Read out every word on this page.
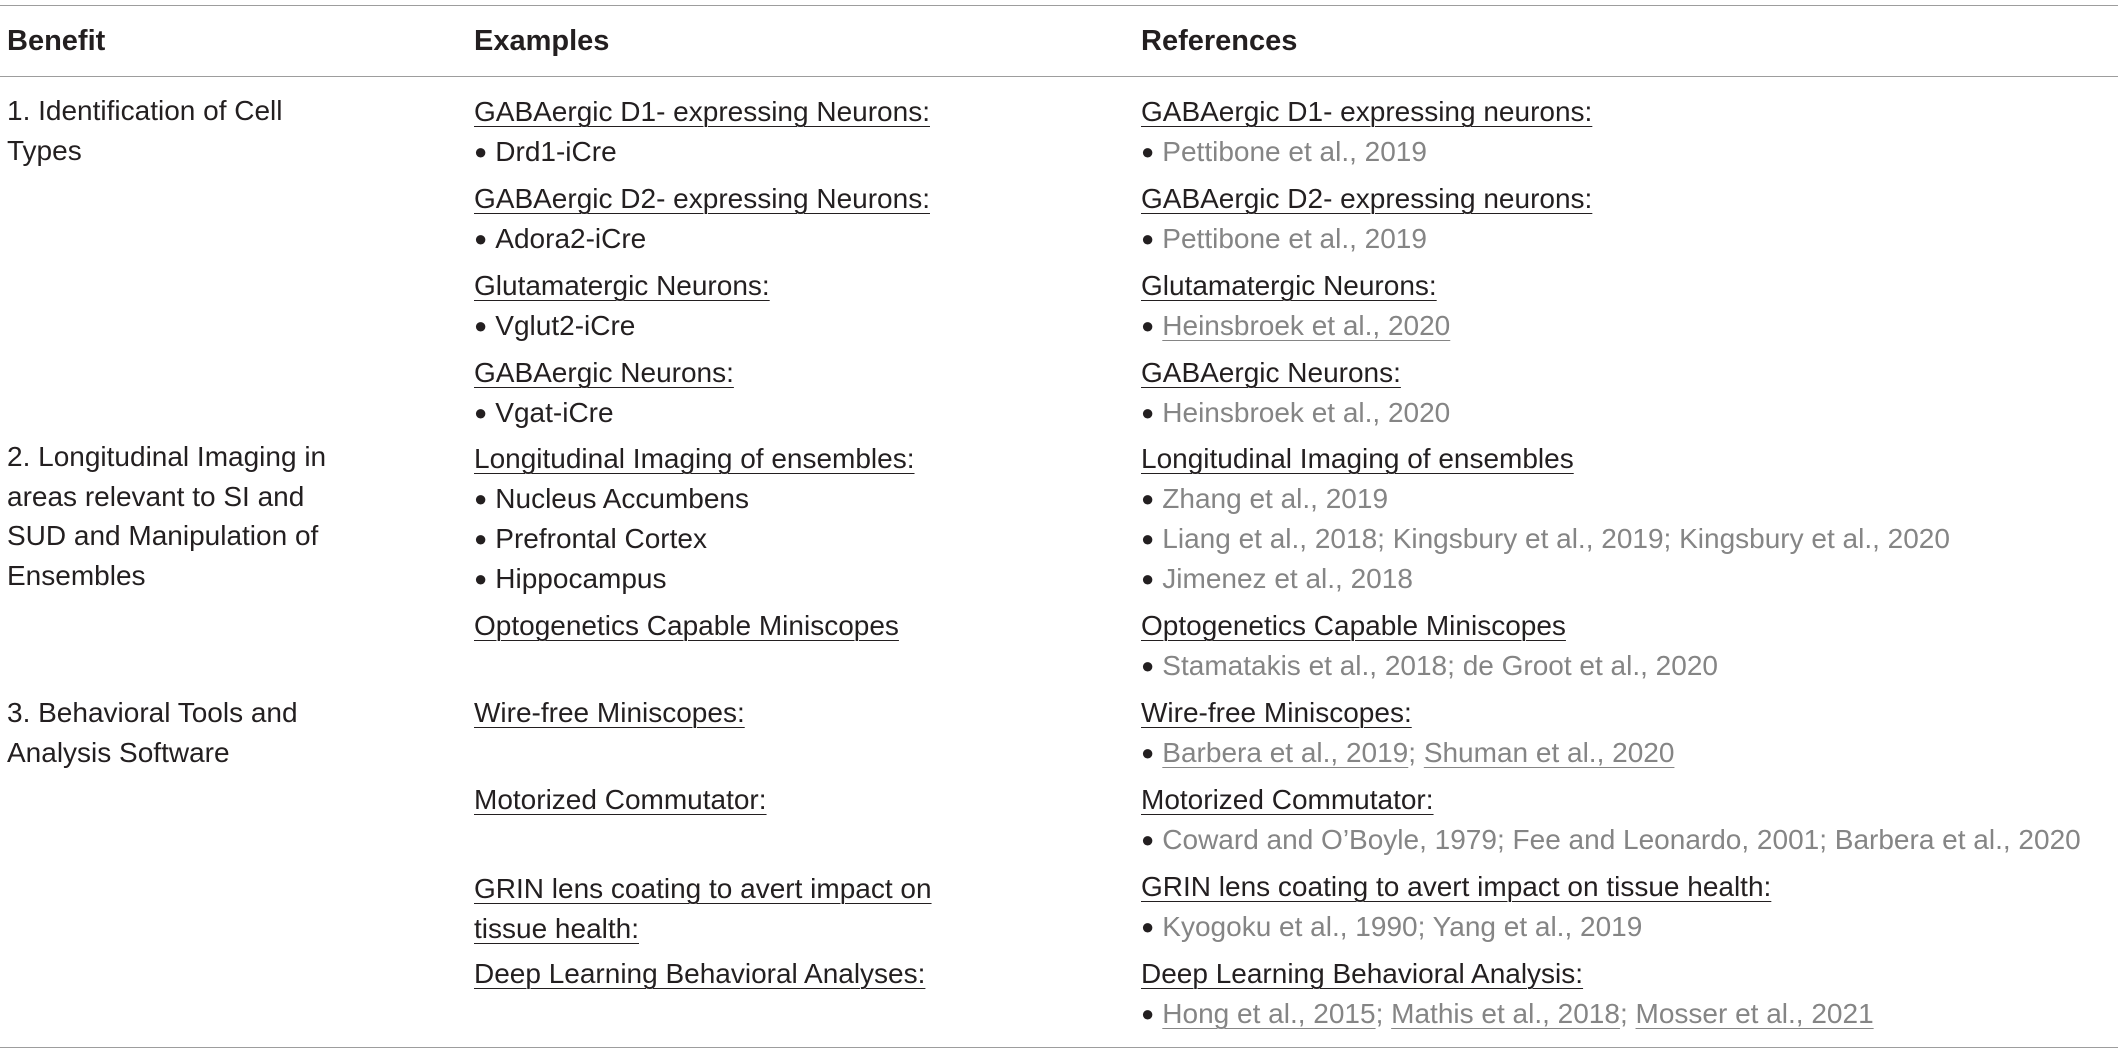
Benefit	Examples	References
1. Identification of Cell Types
2. Longitudinal Imaging in areas relevant to SI and SUD and Manipulation of Ensembles
3. Behavioral Tools and Analysis Software
GABAergic D1- expressing Neurons:
● Drd1-iCre
GABAergic D2- expressing Neurons:
● Adora2-iCre
Glutamatergic Neurons:
● Vglut2-iCre
GABAergic Neurons:
● Vgat-iCre
Longitudinal Imaging of ensembles:
● Nucleus Accumbens
● Prefrontal Cortex
● Hippocampus
Optogenetics Capable Miniscopes
Wire-free Miniscopes:
Motorized Commutator:
GRIN lens coating to avert impact on tissue health:
Deep Learning Behavioral Analyses:
GABAergic D1- expressing neurons:
● Pettibone et al., 2019
GABAergic D2- expressing neurons:
● Pettibone et al., 2019
Glutamatergic Neurons:
● Heinsbroek et al., 2020
GABAergic Neurons:
● Heinsbroek et al., 2020
Longitudinal Imaging of ensembles
● Zhang et al., 2019
● Liang et al., 2018; Kingsbury et al., 2019; Kingsbury et al., 2020
● Jimenez et al., 2018
Optogenetics Capable Miniscopes
● Stamatakis et al., 2018; de Groot et al., 2020
Wire-free Miniscopes:
● Barbera et al., 2019; Shuman et al., 2020
Motorized Commutator:
● Coward and O’Boyle, 1979; Fee and Leonardo, 2001; Barbera et al., 2020
GRIN lens coating to avert impact on tissue health:
● Kyogoku et al., 1990; Yang et al., 2019
Deep Learning Behavioral Analysis:
● Hong et al., 2015; Mathis et al., 2018; Mosser et al., 2021
